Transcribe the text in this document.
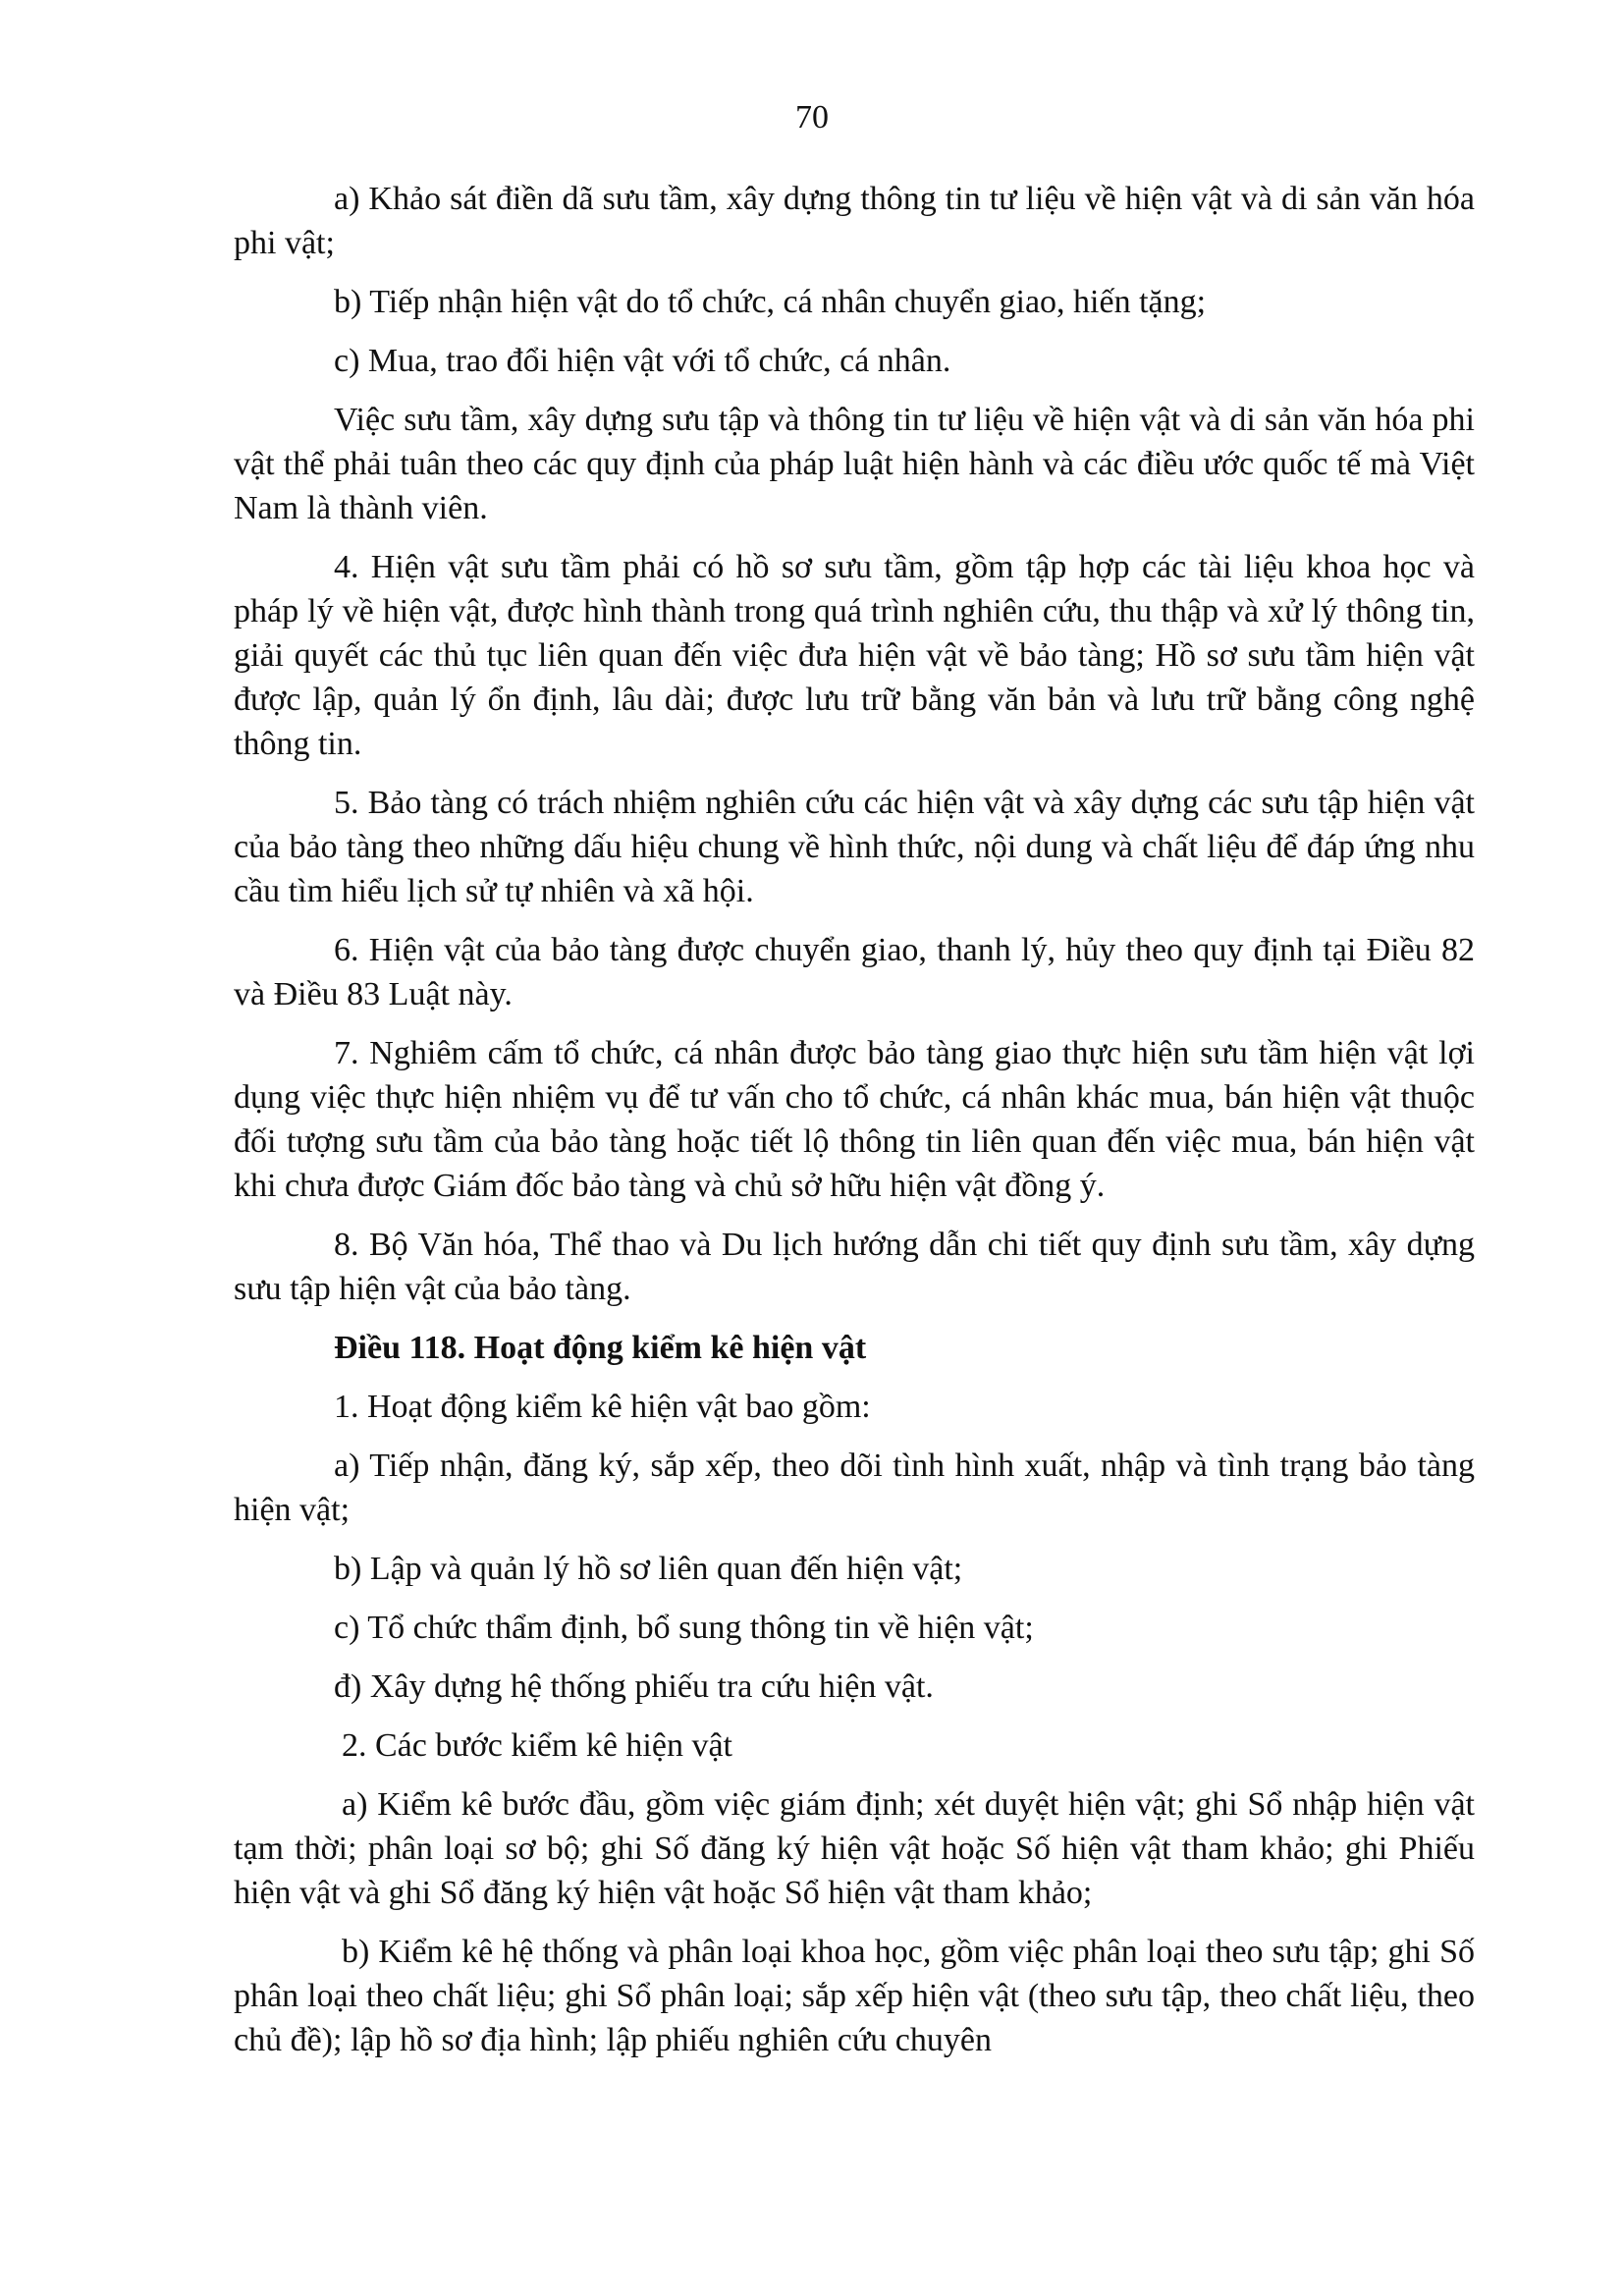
70

a) Khảo sát điền dã sưu tầm, xây dựng thông tin tư liệu về hiện vật và di sản văn hóa phi vật;

b) Tiếp nhận hiện vật do tổ chức, cá nhân chuyển giao, hiến tặng;

c) Mua, trao đổi hiện vật với tổ chức, cá nhân.

Việc sưu tầm, xây dựng sưu tập và thông tin tư liệu về hiện vật và di sản văn hóa phi vật thể phải tuân theo các quy định của pháp luật hiện hành và các điều ước quốc tế mà Việt Nam là thành viên.

4. Hiện vật sưu tầm phải có hồ sơ sưu tầm, gồm tập hợp các tài liệu khoa học và pháp lý về hiện vật, được hình thành trong quá trình nghiên cứu, thu thập và xử lý thông tin, giải quyết các thủ tục liên quan đến việc đưa hiện vật về bảo tàng; Hồ sơ sưu tầm hiện vật được lập, quản lý ổn định, lâu dài; được lưu trữ bằng văn bản và lưu trữ bằng công nghệ thông tin.

5. Bảo tàng có trách nhiệm nghiên cứu các hiện vật và xây dựng các sưu tập hiện vật của bảo tàng theo những dấu hiệu chung về hình thức, nội dung và chất liệu để đáp ứng nhu cầu tìm hiểu lịch sử tự nhiên và xã hội.

6. Hiện vật của bảo tàng được chuyển giao, thanh lý, hủy theo quy định tại Điều 82 và Điều 83 Luật này.

7. Nghiêm cấm tổ chức, cá nhân được bảo tàng giao thực hiện sưu tầm hiện vật lợi dụng việc thực hiện nhiệm vụ để tư vấn cho tổ chức, cá nhân khác mua, bán hiện vật thuộc đối tượng sưu tầm của bảo tàng hoặc tiết lộ thông tin liên quan đến việc mua, bán hiện vật khi chưa được Giám đốc bảo tàng và chủ sở hữu hiện vật đồng ý.

8. Bộ Văn hóa, Thể thao và Du lịch hướng dẫn chi tiết quy định sưu tầm, xây dựng sưu tập hiện vật của bảo tàng.

Điều 118. Hoạt động kiểm kê hiện vật

1. Hoạt động kiểm kê hiện vật bao gồm:

a) Tiếp nhận, đăng ký, sắp xếp, theo dõi tình hình xuất, nhập và tình trạng bảo tàng hiện vật;

b) Lập và quản lý hồ sơ liên quan đến hiện vật;

c) Tổ chức thẩm định, bổ sung thông tin về hiện vật;

đ) Xây dựng hệ thống phiếu tra cứu hiện vật.

2. Các bước kiểm kê hiện vật

a) Kiểm kê bước đầu, gồm việc giám định; xét duyệt hiện vật; ghi Sổ nhập hiện vật tạm thời; phân loại sơ bộ; ghi Số đăng ký hiện vật hoặc Số hiện vật tham khảo; ghi Phiếu hiện vật và ghi Sổ đăng ký hiện vật hoặc Sổ hiện vật tham khảo;

b) Kiểm kê hệ thống và phân loại khoa học, gồm việc phân loại theo sưu tập; ghi Số phân loại theo chất liệu; ghi Sổ phân loại; sắp xếp hiện vật (theo sưu tập, theo chất liệu, theo chủ đề); lập hồ sơ địa hình; lập phiếu nghiên cứu chuyên
